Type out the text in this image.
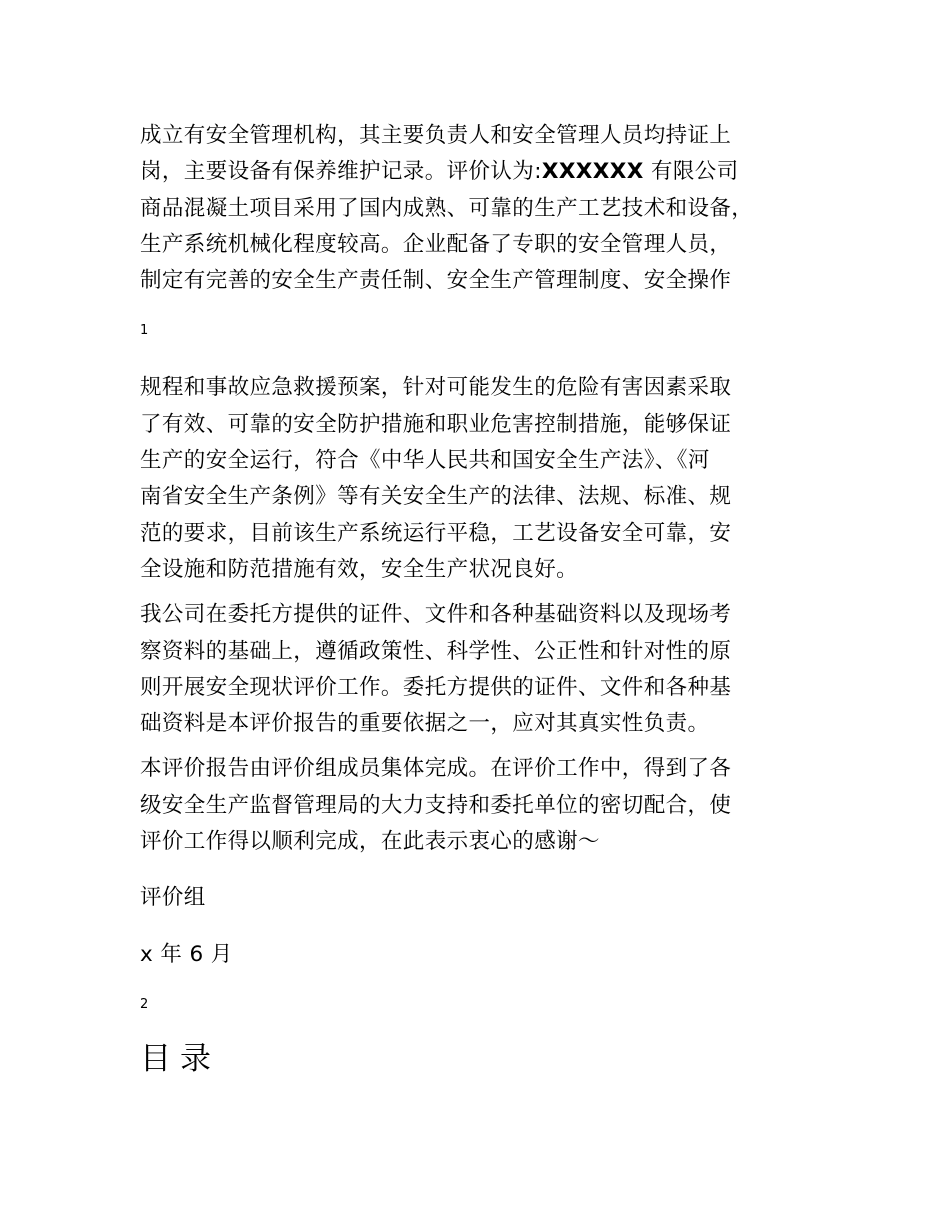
成立有安全管理机构，其主要负责人和安全管理人员均持证上
岗，主要设备有保养维护记录。评价认为:XXXXXX 有限公司
商品混凝土项目采用了国内成熟、可靠的生产工艺技术和设备，
生产系统机械化程度较高。企业配备了专职的安全管理人员，
制定有完善的安全生产责任制、安全生产管理制度、安全操作

1

规程和事故应急救援预案，针对可能发生的危险有害因素采取
了有效、可靠的安全防护措施和职业危害控制措施，能够保证
生产的安全运行，符合《中华人民共和国安全生产法》、《河
南省安全生产条例》等有关安全生产的法律、法规、标准、规
范的要求，目前该生产系统运行平稳，工艺设备安全可靠，安
全设施和防范措施有效，安全生产状况良好。

我公司在委托方提供的证件、文件和各种基础资料以及现场考
察资料的基础上，遵循政策性、科学性、公正性和针对性的原
则开展安全现状评价工作。委托方提供的证件、文件和各种基
础资料是本评价报告的重要依据之一，应对其真实性负责。

本评价报告由评价组成员集体完成。在评价工作中，得到了各
级安全生产监督管理局的大力支持和委托单位的密切配合，使
评价工作得以顺利完成，在此表示衷心的感谢～

评价组

x 年 6 月

2

目录
